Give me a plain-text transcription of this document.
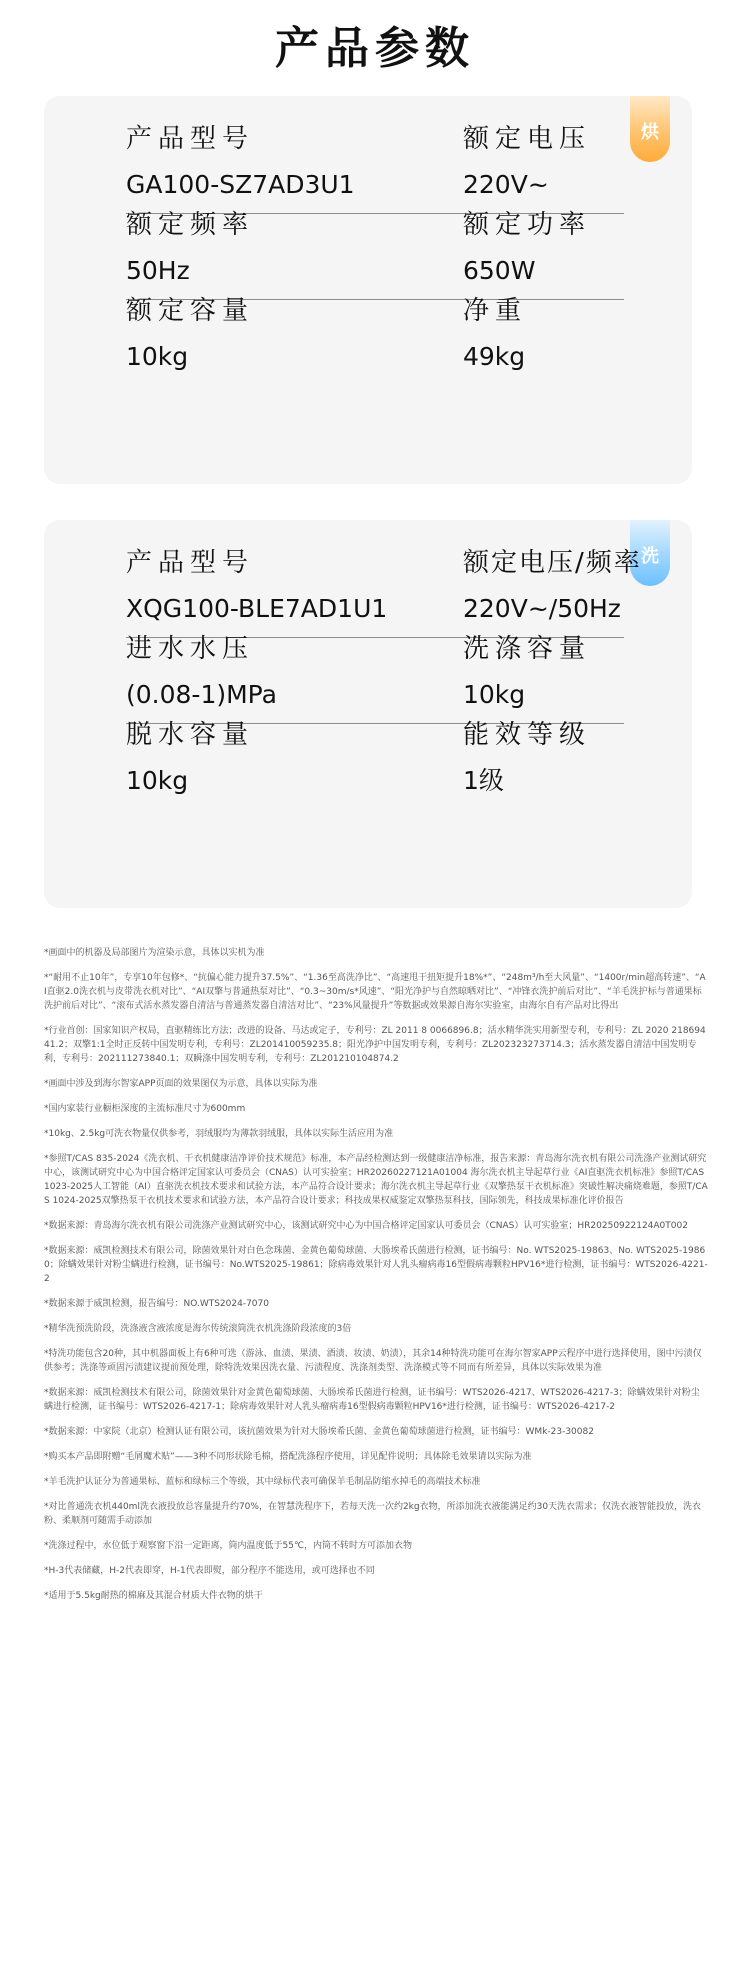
产品参数
烘
产品型号
GA100-SZ7AD3U1
额定电压
220V~
额定频率
50Hz
额定功率
650W
额定容量
10kg
净重
49kg
洗
产品型号
XQG100-BLE7AD1U1
额定电压/频率
220V~/50Hz
进水水压
(0.08-1)MPa
洗涤容量
10kg
脱水容量
10kg
能效等级
1级

*画面中的机器及局部图片为渲染示意，具体以实机为准

*“耐用不止10年”，专享10年包修*、“抗偏心能力提升37.5%”、“1.36至高洗净比”、“高速甩干扭矩提升18%*”、“248m³/h至大风量”、“1400r/min超高转速”、“AI直驱2.0洗衣机与皮带洗衣机对比”、“AI双擎与普通热泵对比”、“0.3~30m/s*风速”、“阳光净护与自然晾晒对比”、“冲锋衣洗护前后对比”、“羊毛洗护标与普通果标洗护前后对比”、“滚布式活水蒸发器自清洁与普通蒸发器自清洁对比”、“23%风量提升”等数据或效果源自海尔实验室，由海尔自有产品对比得出

*行业首创：国家知识产权局，直驱精练比方法；改进的设备、马达或定子，专利号：ZL 2011 8 0066896.8；活水精华洗实用新型专利，专利号：ZL 2020 21869441.2；双擎1:1全时正反转中国发明专利，专利号：ZL201410059235.8；阳光净护中国发明专利，专利号：ZL202323273714.3；活水蒸发器自清洁中国发明专利，专利号：202111273840.1；双瞬涤中国发明专利，专利号：ZL201210104874.2

*画面中涉及到海尔智家APP页面的效果图仅为示意，具体以实际为准

*国内家装行业橱柜深度的主流标准尺寸为600mm

*10kg、2.5kg可洗衣物量仅供参考，羽绒服均为薄款羽绒服，具体以实际生活应用为准

*参照T/CAS 835-2024《洗衣机、干衣机健康洁净评价技术规范》标准，本产品经检测达到一级健康洁净标准，报告来源：青岛海尔洗衣机有限公司洗涤产业测试研究中心，该测试研究中心为中国合格评定国家认可委员会（CNAS）认可实验室；HR20260227121A01004 海尔洗衣机主导起草行业《AI直驱洗衣机标准》参照T/CAS 1023-2025人工智能（AI）直驱洗衣机技术要求和试验方法，本产品符合设计要求；海尔洗衣机主导起草行业《双擎热泵干衣机标准》突破性解决痛烧难题，参照T/CAS 1024-2025双擎热泵干衣机技术要求和试验方法，本产品符合设计要求；科技成果权威鉴定双擎热泵科技，国际领先，科技成果标准化评价报告

*数据来源：青岛海尔洗衣机有限公司洗涤产业测试研究中心，该测试研究中心为中国合格评定国家认可委员会（CNAS）认可实验室；HR20250922124A0T002

*数据来源：威凯检测技术有限公司，除菌效果针对白色念珠菌、金黄色葡萄球菌、大肠埃希氏菌进行检测，证书编号：No. WTS2025-19863、No. WTS2025-19860；除螨效果针对粉尘螨进行检测，证书编号：No.WTS2025-19861；除病毒效果针对人乳头瘤病毒16型假病毒颗粒HPV16*进行检测，证书编号：WTS2026-4221-2

*数据来源于威凯检测，报告编号：NO.WTS2024-7070

*精华洗预洗阶段，洗涤液含液浓度是海尔传统滚筒洗衣机洗涤阶段浓度的3倍

*特洗功能包含20种，其中机器面板上有6种可选（游泳、血渍、果渍、酒渍、妆渍、奶渍），其余14种特洗功能可在海尔智家APP云程序中进行选择使用，图中污渍仅供参考；洗涤等顽固污渍建议提前预处理，除特洗效果因洗衣量、污渍程度、洗涤剂类型、洗涤模式等不同而有所差异，具体以实际效果为准

*数据来源：威凯检测技术有限公司，除菌效果针对金黄色葡萄球菌、大肠埃希氏菌进行检测，证书编号：WTS2026-4217、WTS2026-4217-3；除螨效果针对粉尘螨进行检测，证书编号：WTS2026-4217-1；除病毒效果针对人乳头瘤病毒16型假病毒颗粒HPV16*进行检测，证书编号：WTS2026-4217-2

*数据来源：中家院（北京）检测认证有限公司，该抗菌效果为针对大肠埃希氏菌、金黄色葡萄球菌进行检测，证书编号：WMk-23-30082

*购买本产品即附赠“毛屑魔术贴”——3种不同形状除毛棉，搭配洗涤程序使用，详见配件说明；具体除毛效果请以实际为准

*羊毛洗护认证分为普通果标、蓝标和绿标三个等级，其中绿标代表可确保羊毛制品防缩水掉毛的高端技术标准

*对比普通洗衣机440ml洗衣液投放总容量提升约70%，在智慧洗程序下，若每天洗一次约2kg衣物，所添加洗衣液能满足约30天洗衣需求；仅洗衣液智能投放，洗衣粉、柔顺剂可随需手动添加

*洗涤过程中，水位低于观察窗下沿一定距离，筒内温度低于55℃，内筒不转时方可添加衣物

*H-3代表储藏，H-2代表即穿，H-1代表即熨，部分程序不能选用，或可选择也不同

*适用于5.5kg耐热的棉麻及其混合材质大件衣物的烘干
